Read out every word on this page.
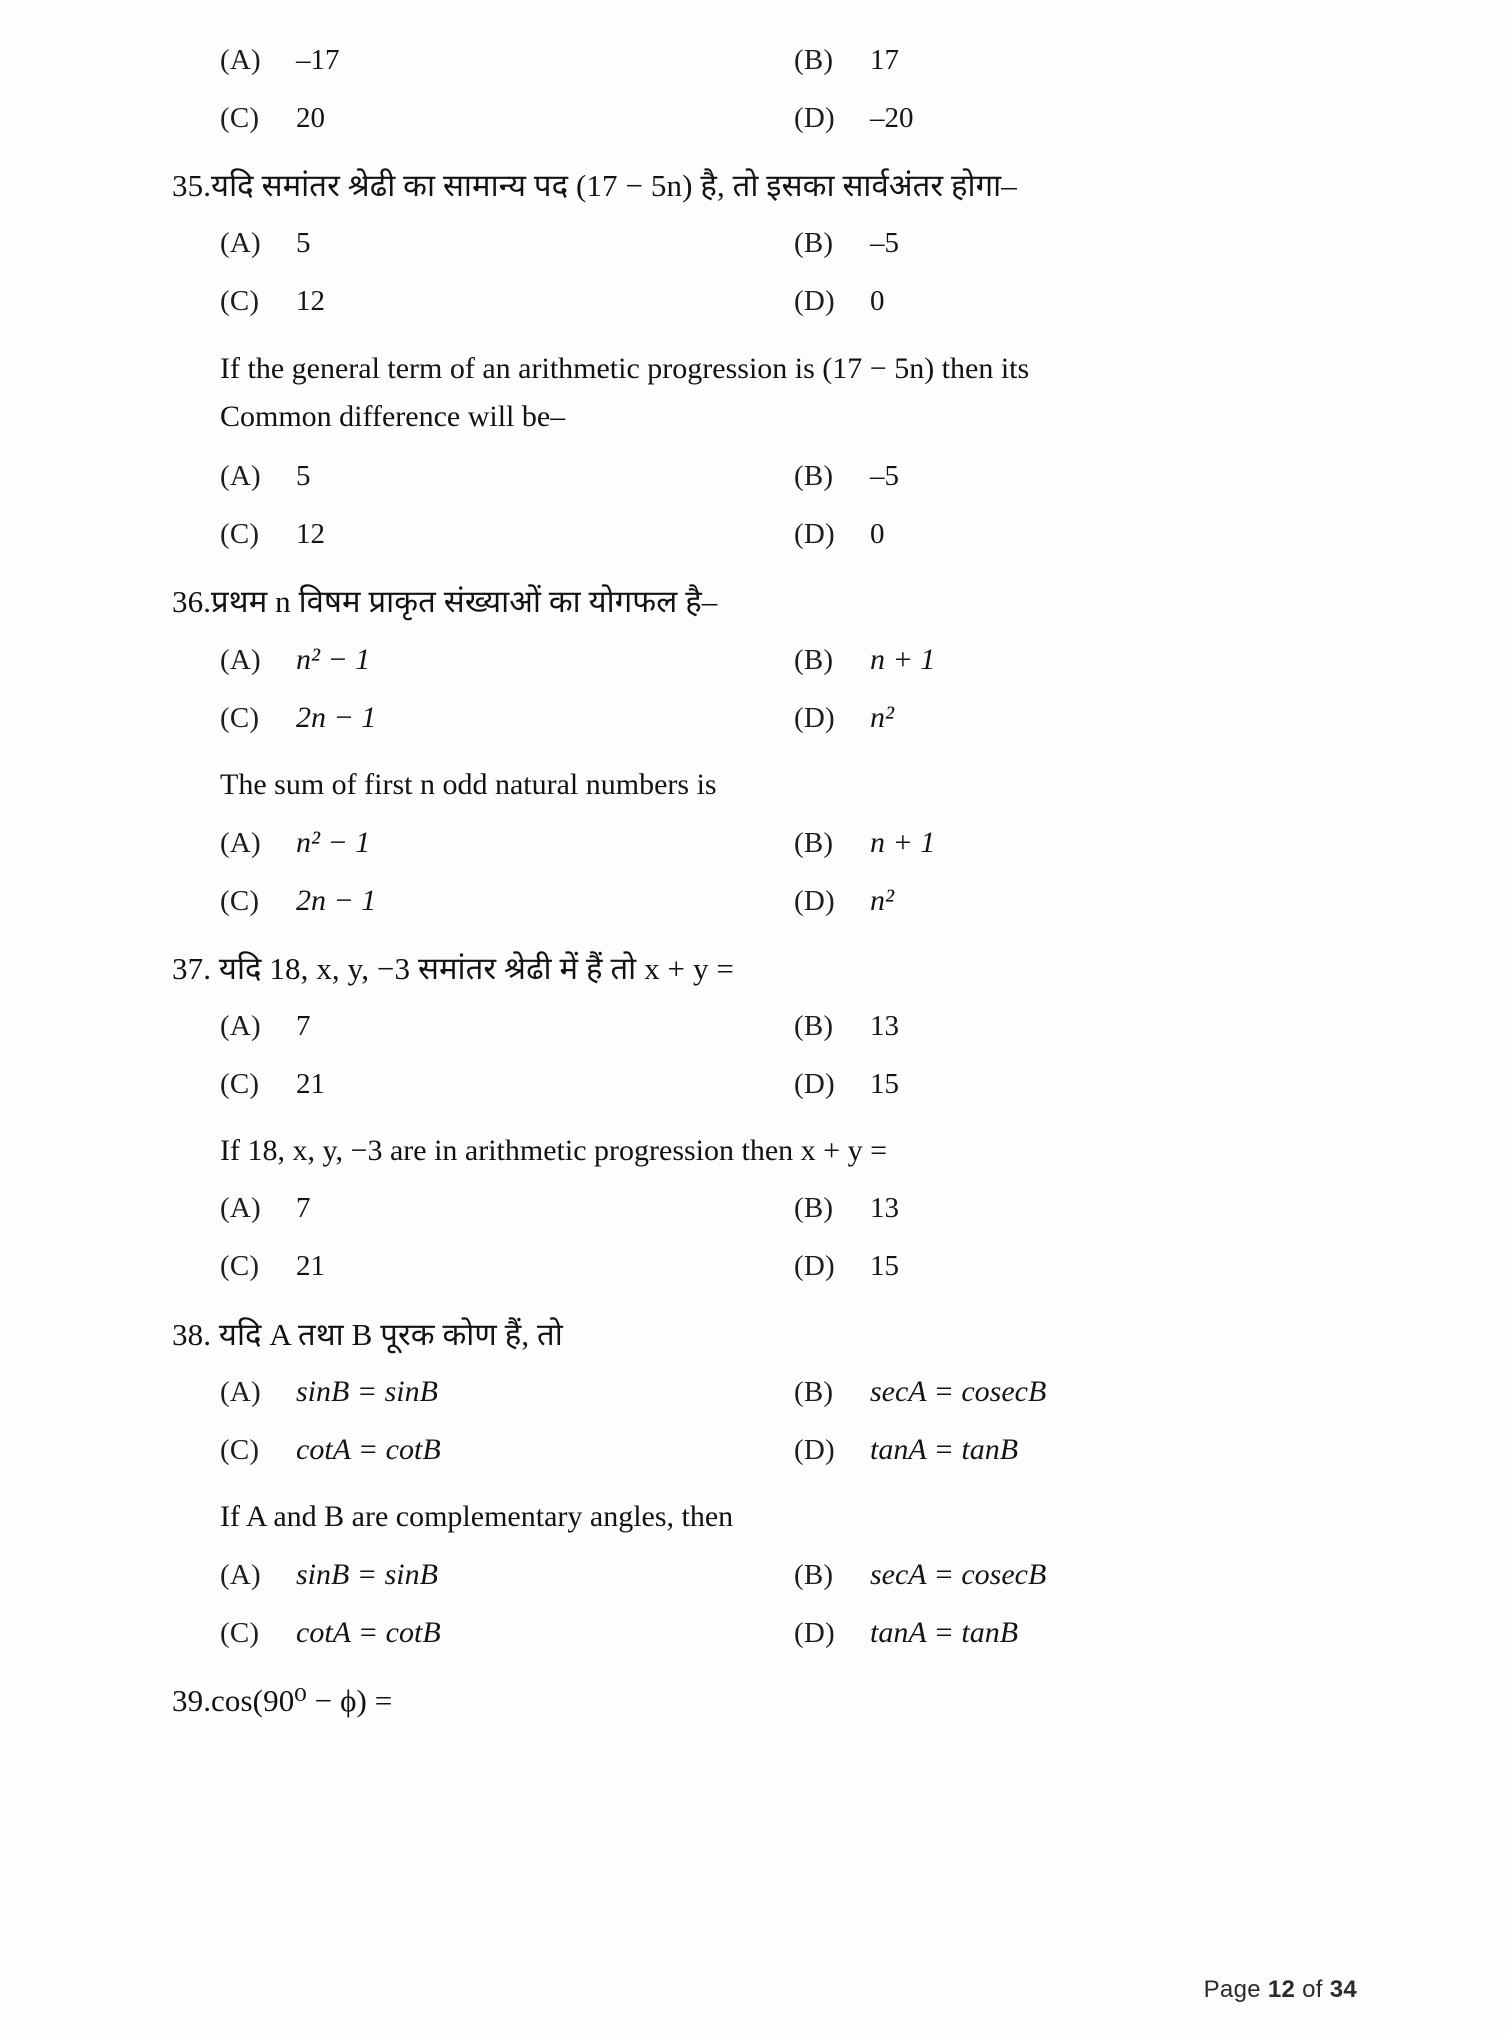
(A)	–17	(B)	17
(C)	20	(D)	–20
35.यदि समांतर श्रेढी का सामान्य पद (17 − 5n) है, तो इसका सार्वअंतर होगा–
(A)	5	(B)	–5
(C)	12	(D)	0
If the general term of an arithmetic progression is (17 − 5n) then its
Common difference will be–
(A)	5	(B)	–5
(C)	12	(D)	0
36.प्रथम n विषम प्राकृत संख्याओं का योगफल है–
(A)	n² − 1	(B)	n + 1
(C)	2n − 1	(D)	n²
The sum of first n odd natural numbers is
(A)	n² − 1	(B)	n + 1
(C)	2n − 1	(D)	n²
37. यदि 18, x, y, −3 समांतर श्रेढी में हैं तो x + y =
(A)	7	(B)	13
(C)	21	(D)	15
If 18, x, y, −3 are in arithmetic progression then x + y =
(A)	7	(B)	13
(C)	21	(D)	15
38. यदि A तथा B पूरक कोण हैं, तो
(A)	sinB = sinB	(B)	secA = cosecB
(C)	cotA = cotB	(D)	tanA = tanB
If A and B are complementary angles, then
(A)	sinB = sinB	(B)	secA = cosecB
(C)	cotA = cotB	(D)	tanA = tanB
39.cos(90⁰ − ϕ) =
Page 12 of 34
